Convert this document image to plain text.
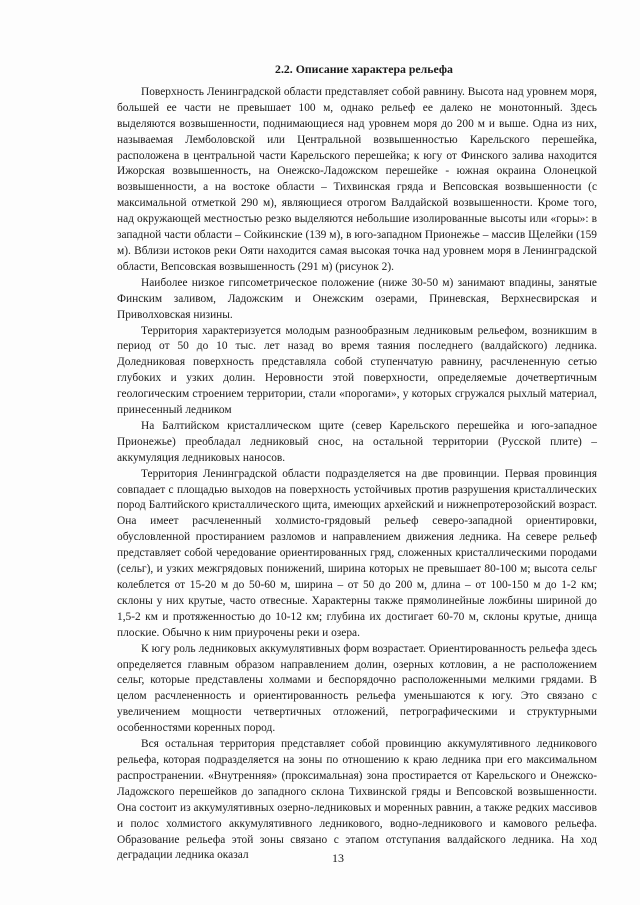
2.2. Описание характера рельефа

Поверхность Ленинградской области представляет собой равнину. Высота над уровнем моря, большей ее части не превышает 100 м, однако рельеф ее далеко не монотонный. Здесь выделяются возвышенности, поднимающиеся над уровнем моря до 200 м и выше. Одна из них, называемая Лемболовской или Центральной возвышенностью Карельского перешейка, расположена в центральной части Карельского перешейка; к югу от Финского залива находится Ижорская возвышенность, на Онежско-Ладожском перешейке - южная окраина Олонецкой возвышенности, а на востоке области – Тихвинская гряда и Вепсовская возвышенности (с максимальной отметкой 290 м), являющиеся отрогом Валдайской возвышенности. Кроме того, над окружающей местностью резко выделяются небольшие изолированные высоты или «горы»: в западной части области – Сойкинские (139 м), в юго-западном Прионежье – массив Щелейки (159 м). Вблизи истоков реки Ояти находится самая высокая точка над уровнем моря в Ленинградской области, Вепсовская возвышенность (291 м) (рисунок 2).

Наиболее низкое гипсометрическое положение (ниже 30-50 м) занимают впадины, занятые Финским заливом, Ладожским и Онежским озерами, Приневская, Верхнесвирская и Приволховская низины.

Территория характеризуется молодым разнообразным ледниковым рельефом, возникшим в период от 50 до 10 тыс. лет назад во время таяния последнего (валдайского) ледника. Доледниковая поверхность представляла собой ступенчатую равнину, расчлененную сетью глубоких и узких долин. Неровности этой поверхности, определяемые дочетвертичным геологическим строением территории, стали «порогами», у которых сгружался рыхлый материал, принесенный ледником

На Балтийском кристаллическом щите (север Карельского перешейка и юго-западное Прионежье) преобладал ледниковый снос, на остальной территории (Русской плите) – аккумуляция ледниковых наносов.

Территория Ленинградской области подразделяется на две провинции. Первая провинция совпадает с площадью выходов на поверхность устойчивых против разрушения кристаллических пород Балтийского кристаллического щита, имеющих архейский и нижнепротерозойский возраст. Она имеет расчлененный холмисто-грядовый рельеф северо-западной ориентировки, обусловленной простиранием разломов и направлением движения ледника. На севере рельеф представляет собой чередование ориентированных гряд, сложенных кристаллическими породами (сельг), и узких межгрядовых понижений, ширина которых не превышает 80-100 м; высота сельг колеблется от 15-20 м до 50-60 м, ширина – от 50 до 200 м, длина – от 100-150 м до 1-2 км; склоны у них крутые, часто отвесные. Характерны также прямолинейные ложбины шириной до 1,5-2 км и протяженностью до 10-12 км; глубина их достигает 60-70 м, склоны крутые, днища плоские. Обычно к ним приурочены реки и озера.

К югу роль ледниковых аккумулятивных форм возрастает. Ориентированность рельефа здесь определяется главным образом направлением долин, озерных котловин, а не расположением сельг, которые представлены холмами и беспорядочно расположенными мелкими грядами. В целом расчлененность и ориентированность рельефа уменьшаются к югу. Это связано с увеличением мощности четвертичных отложений, петрографическими и структурными особенностями коренных пород.

Вся остальная территория представляет собой провинцию аккумулятивного ледникового рельефа, которая подразделяется на зоны по отношению к краю ледника при его максимальном распространении. «Внутренняя» (проксимальная) зона простирается от Карельского и Онежско-Ладожского перешейков до западного склона Тихвинской гряды и Вепсовской возвышенности. Она состоит из аккумулятивных озерно-ледниковых и моренных равнин, а также редких массивов и полос холмистого аккумулятивного ледникового, водно-ледникового и камового рельефа. Образование рельефа этой зоны связано с этапом отступания валдайского ледника. На ход деградации ледника оказал	13
